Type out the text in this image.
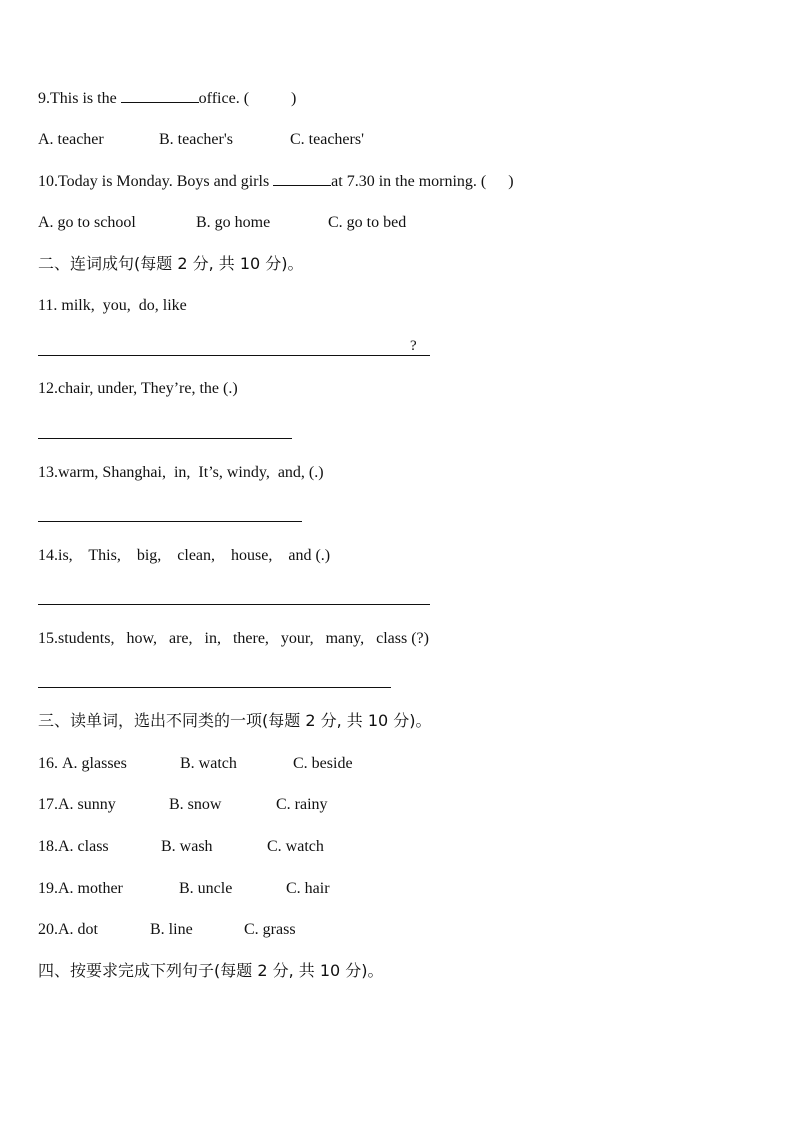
9.This is the	office. (	)
A. teacher	B. teacher's	C. teachers'
10.Today is Monday. Boys and girls	at 7.30 in the morning. ( )
A. go to school	B. go home	C. go to bed
二、连词成句(每题 2 分, 共 10 分)。
11. milk,  you,  do, like
?
12.chair, under, They’re, the (.)
13.warm, Shanghai,  in,  It’s, windy,  and, (.)
14.is,    This,    big,    clean,    house,    and (.)
15.students,   how,   are,   in,   there,   your,   many,   class (?)
三、读单词，选出不同类的一项(每题 2 分, 共 10 分)。
16. A. glasses	B. watch	C. beside
17.A. sunny	B. snow	C. rainy
18.A. class	B. wash	C. watch
19.A. mother	B. uncle	C. hair
20.A. dot	B. line	C. grass
四、按要求完成下列句子(每题 2 分, 共 10 分)。
